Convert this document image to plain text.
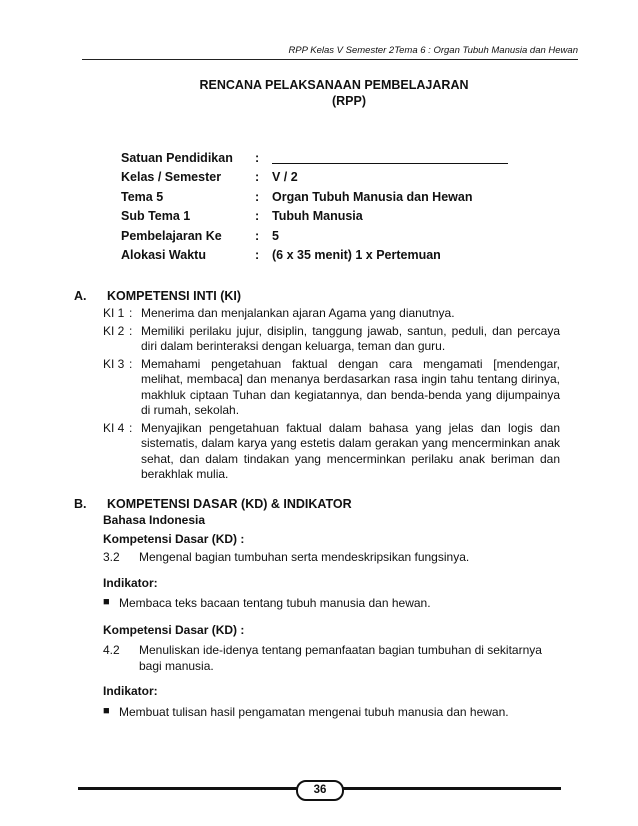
RPP Kelas V Semester 2Tema 6 : Organ Tubuh Manusia dan Hewan
RENCANA PELAKSANAAN PEMBELAJARAN
(RPP)
Satuan Pendidikan	:
Kelas / Semester	:	V / 2
Tema 5	:	Organ Tubuh Manusia dan Hewan
Sub Tema 1	:	Tubuh Manusia
Pembelajaran Ke	:	5
Alokasi Waktu	:	(6 x 35 menit) 1 x Pertemuan
A.	KOMPETENSI INTI (KI)
KI 1 : Menerima dan menjalankan ajaran Agama yang dianutnya.
KI 2 : Memiliki perilaku jujur, disiplin, tanggung jawab, santun, peduli, dan percaya diri dalam berinteraksi dengan keluarga, teman dan guru.
KI 3 : Memahami pengetahuan faktual dengan cara mengamati [mendengar, melihat, membaca] dan menanya berdasarkan rasa ingin tahu tentang dirinya, makhluk ciptaan Tuhan dan kegiatannya, dan benda-benda yang dijumpainya di rumah, sekolah.
KI 4 : Menyajikan pengetahuan faktual dalam bahasa yang jelas dan logis dan sistematis, dalam karya yang estetis dalam gerakan yang mencerminkan anak sehat, dan dalam tindakan yang mencerminkan perilaku anak beriman dan berakhlak mulia.
B.	KOMPETENSI DASAR (KD) & INDIKATOR
Bahasa Indonesia
Kompetensi Dasar (KD) :
3.2	Mengenal bagian tumbuhan serta mendeskripsikan fungsinya.
Indikator:
■ Membaca teks bacaan tentang tubuh manusia dan hewan.
Kompetensi Dasar (KD) :
4.2	Menuliskan ide-idenya tentang pemanfaatan bagian tumbuhan di sekitarnya bagi manusia.
Indikator:
■ Membuat tulisan hasil pengamatan mengenai tubuh manusia dan hewan.
36
